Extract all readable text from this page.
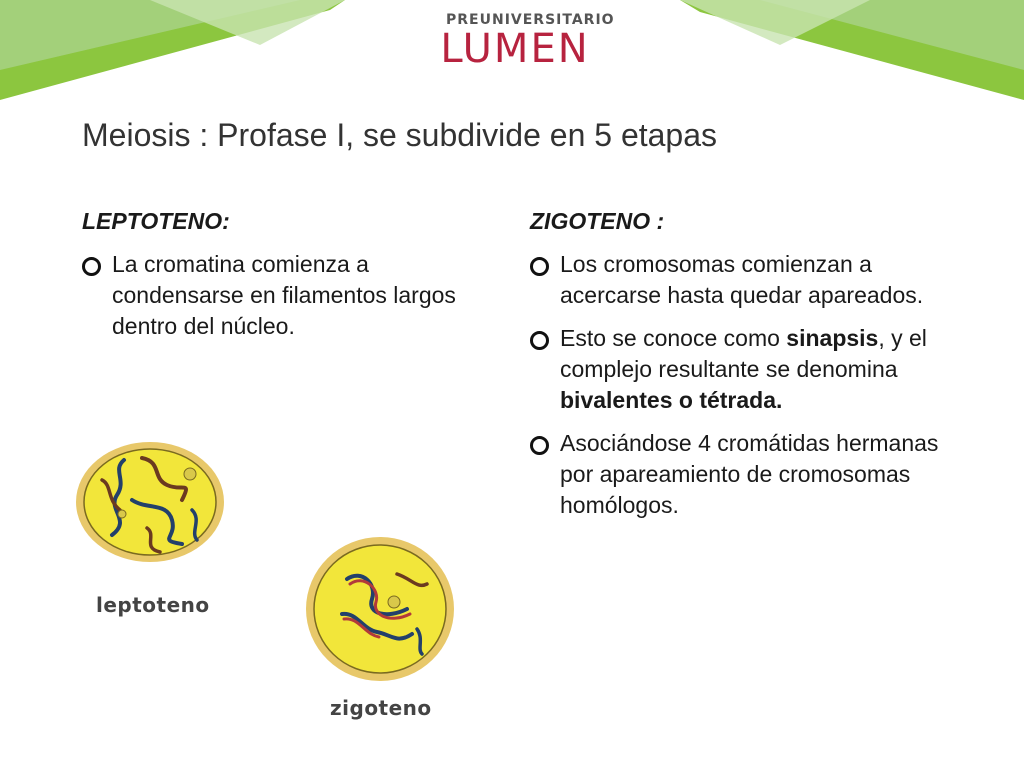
PREUNIVERSITARIO
LUMEN
Meiosis : Profase I, se subdivide en 5 etapas
LEPTOTENO:
La cromatina comienza a condensarse en filamentos largos dentro del núcleo.
ZIGOTENO :
Los cromosomas comienzan a acercarse hasta quedar apareados.
Esto se conoce como sinapsis, y el complejo resultante se denomina bivalentes o tétrada.
Asociándose 4 cromátidas hermanas por apareamiento de cromosomas homólogos.
leptoteno
zigoteno
